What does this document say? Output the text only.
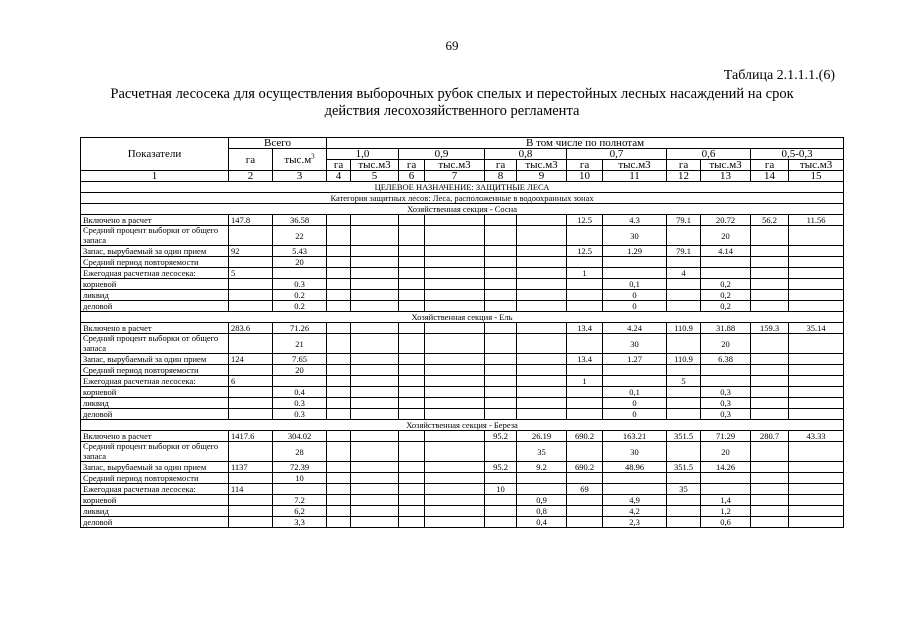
69
Таблица 2.1.1.1.(6)
Расчетная лесосека для осуществления выборочных рубок спелых и перестойных лесных насаждений на срок
действия лесохозяйственного регламента
Показатели	Всего		В том числе по полнотам											
	га	$тыс.м^3$	1,0		0,9		0,8		0,7		0,6		0,5-0,3	
			га	тыс.м3	га	тыс.м3	га	тыс.м3	га	тыс.м3	га	тыс.м3	га	тыс.м3
1	2	3	4	5	6	7	8	9	10	11	12	13	14	15
ЦЕЛЕВОЕ НАЗНАЧЕНИЕ: ЗАЩИТНЫЕ ЛЕСА														
Категория защитных лесов: Леса, расположенные в водоохранных зонах														
Хозяйственная секция - Сосна														
Включено в расчет	147.8	36.58							12.5	4.3	79.1	20.72	56.2	11.56
Средний процент выборки от общего запаса		22								30		20		
Запас, вырубаемый за один прием	92	5.43							12.5	1.29	79.1	4.14		
Средний период повторяемости		20												
Ежегодная расчетная лесосека:	5								1		4			
корневой		0.3								0,1		0,2		
ликвид		0.2								0		0,2		
деловой		0.2								0		0,2		
Хозяйственная секция - Ель														
Включено в расчет	283.6	71.26							13.4	4.24	110.9	31.88	159.3	35.14
Средний процент выборки от общего запаса		21								30		20		
Запас, вырубаемый за один прием	124	7.65							13.4	1.27	110.9	6.38		
Средний период повторяемости		20												
Ежегодная расчетная лесосека:	6								1		5			
корневой		0.4								0,1		0,3		
ликвид		0.3								0		0,3		
деловой		0.3								0		0,3		
Хозяйственная секция - Береза														
Включено в расчет	1417.6	304.02					95.2	26.19	690.2	163.21	351.5	71.29	280.7	43.33
Средний процент выборки от общего запаса		28						35		30		20		
Запас, вырубаемый за один прием	1137	72.39					95.2	9.2	690.2	48.96	351.5	14.26		
Средний период повторяемости		10												
Ежегодная расчетная лесосека:	114						10		69		35			
корневой		7.2						0,9		4,9		1,4		
ликвид		6,2						0,8		4,2		1,2		
деловой		3,3						0,4		2,3		0,6		
